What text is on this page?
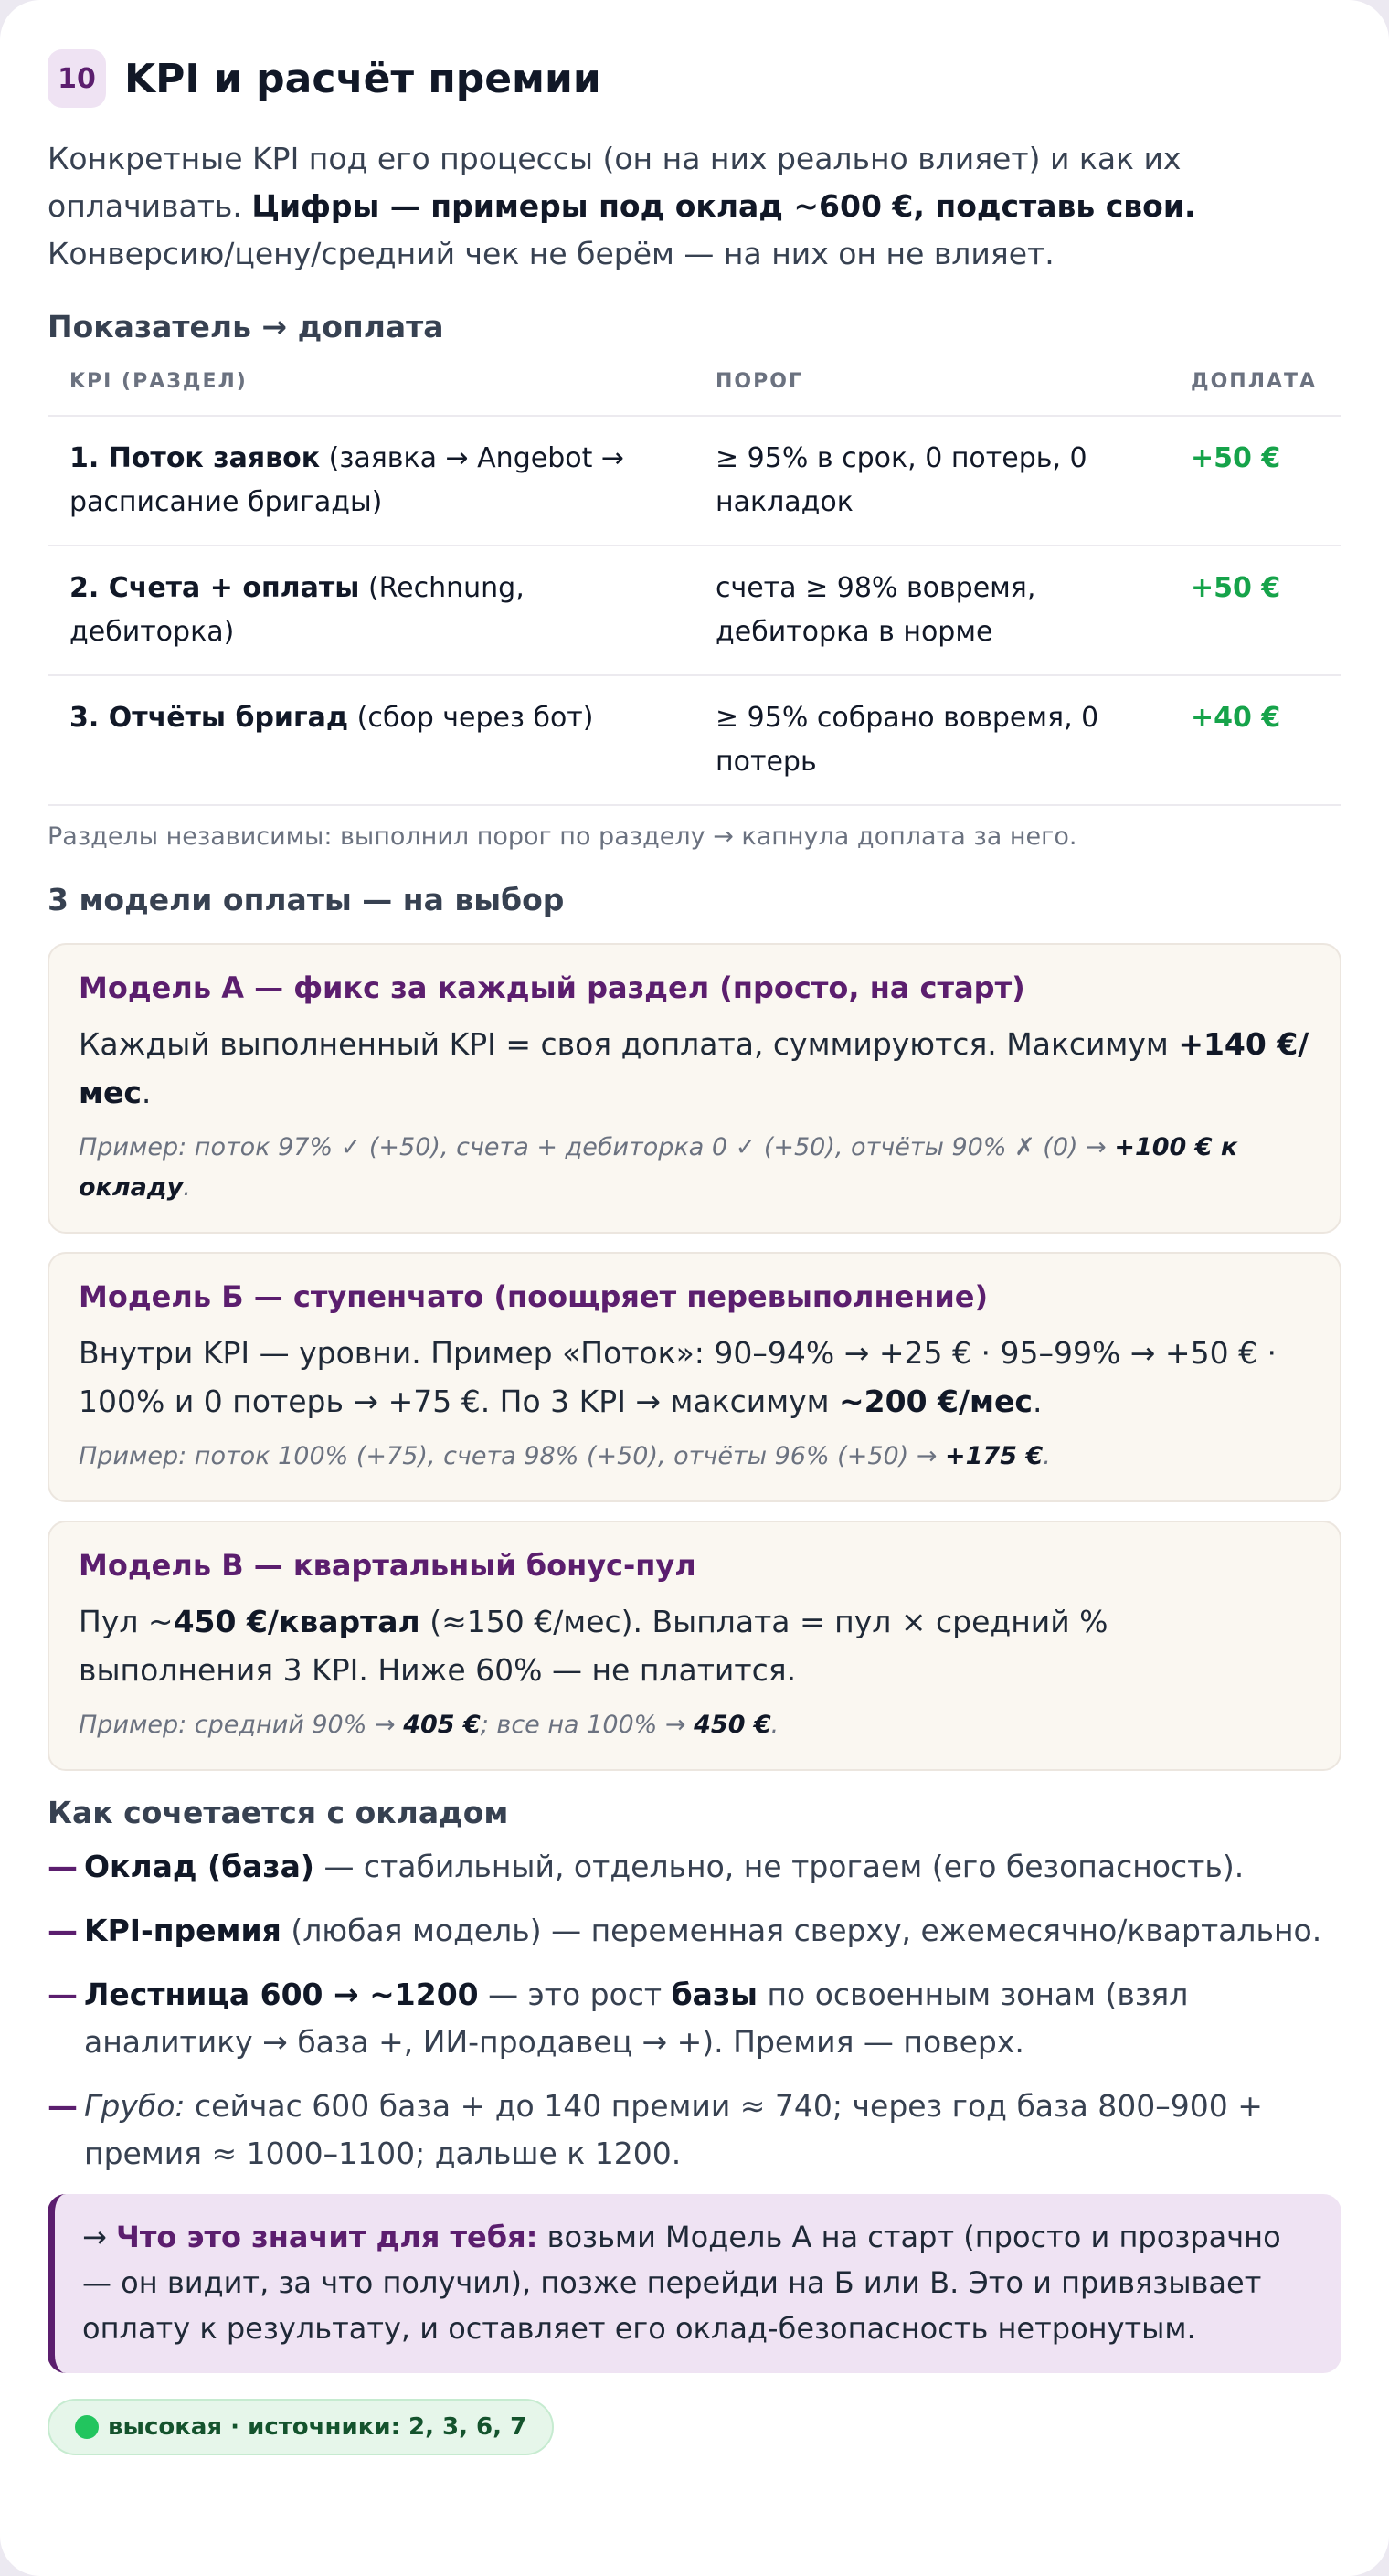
10 KPI и расчёт премии

Конкретные KPI под его процессы (он на них реально влияет) и как их оплачивать. Цифры — примеры под оклад ~600 €, подставь свои. Конверсию/цену/средний чек не берём — на них он не влияет.

Показатель → доплата
KPI (РАЗДЕЛ)	ПОРОГ	ДОПЛАТА
1. Поток заявок (заявка → Angebot → расписание бригады)	≥ 95% в срок, 0 потерь, 0 накладок	+50 €
2. Счета + оплаты (Rechnung, дебиторка)	счета ≥ 98% вовремя, дебиторка в норме	+50 €
3. Отчёты бригад (сбор через бот)	≥ 95% собрано вовремя, 0 потерь	+40 €

Разделы независимы: выполнил порог по разделу → капнула доплата за него.

3 модели оплаты — на выбор
Модель А — фикс за каждый раздел (просто, на старт)
Каждый выполненный KPI = своя доплата, суммируются. Максимум +140 €/мес.
Пример: поток 97% ✓ (+50), счета + дебиторка 0 ✓ (+50), отчёты 90% ✗ (0) → +100 € к окладу.
Модель Б — ступенчато (поощряет перевыполнение)
Внутри KPI — уровни. Пример «Поток»: 90–94% → +25 € · 95–99% → +50 € · 100% и 0 потерь → +75 €. По 3 KPI → максимум ~200 €/мес.
Пример: поток 100% (+75), счета 98% (+50), отчёты 96% (+50) → +175 €.
Модель В — квартальный бонус-пул
Пул ~450 €/квартал (≈150 €/мес). Выплата = пул × средний % выполнения 3 KPI. Ниже 60% — не платится.
Пример: средний 90% → 405 €; все на 100% → 450 €.
Как сочетается с окладом
— Оклад (база) — стабильный, отдельно, не трогаем (его безопасность).
— KPI-премия (любая модель) — переменная сверху, ежемесячно/квартально.
— Лестница 600 → ~1200 — это рост базы по освоенным зонам (взял аналитику → база +, ИИ-продавец → +). Премия — поверх.
— Грубо: сейчас 600 база + до 140 премии ≈ 740; через год база 800–900 + премия ≈ 1000–1100; дальше к 1200.
→ Что это значит для тебя: возьми Модель А на старт (просто и прозрачно — он видит, за что получил), позже перейди на Б или В. Это и привязывает оплату к результату, и оставляет его оклад-безопасность нетронутым.
высокая · источники: 2, 3, 6, 7
